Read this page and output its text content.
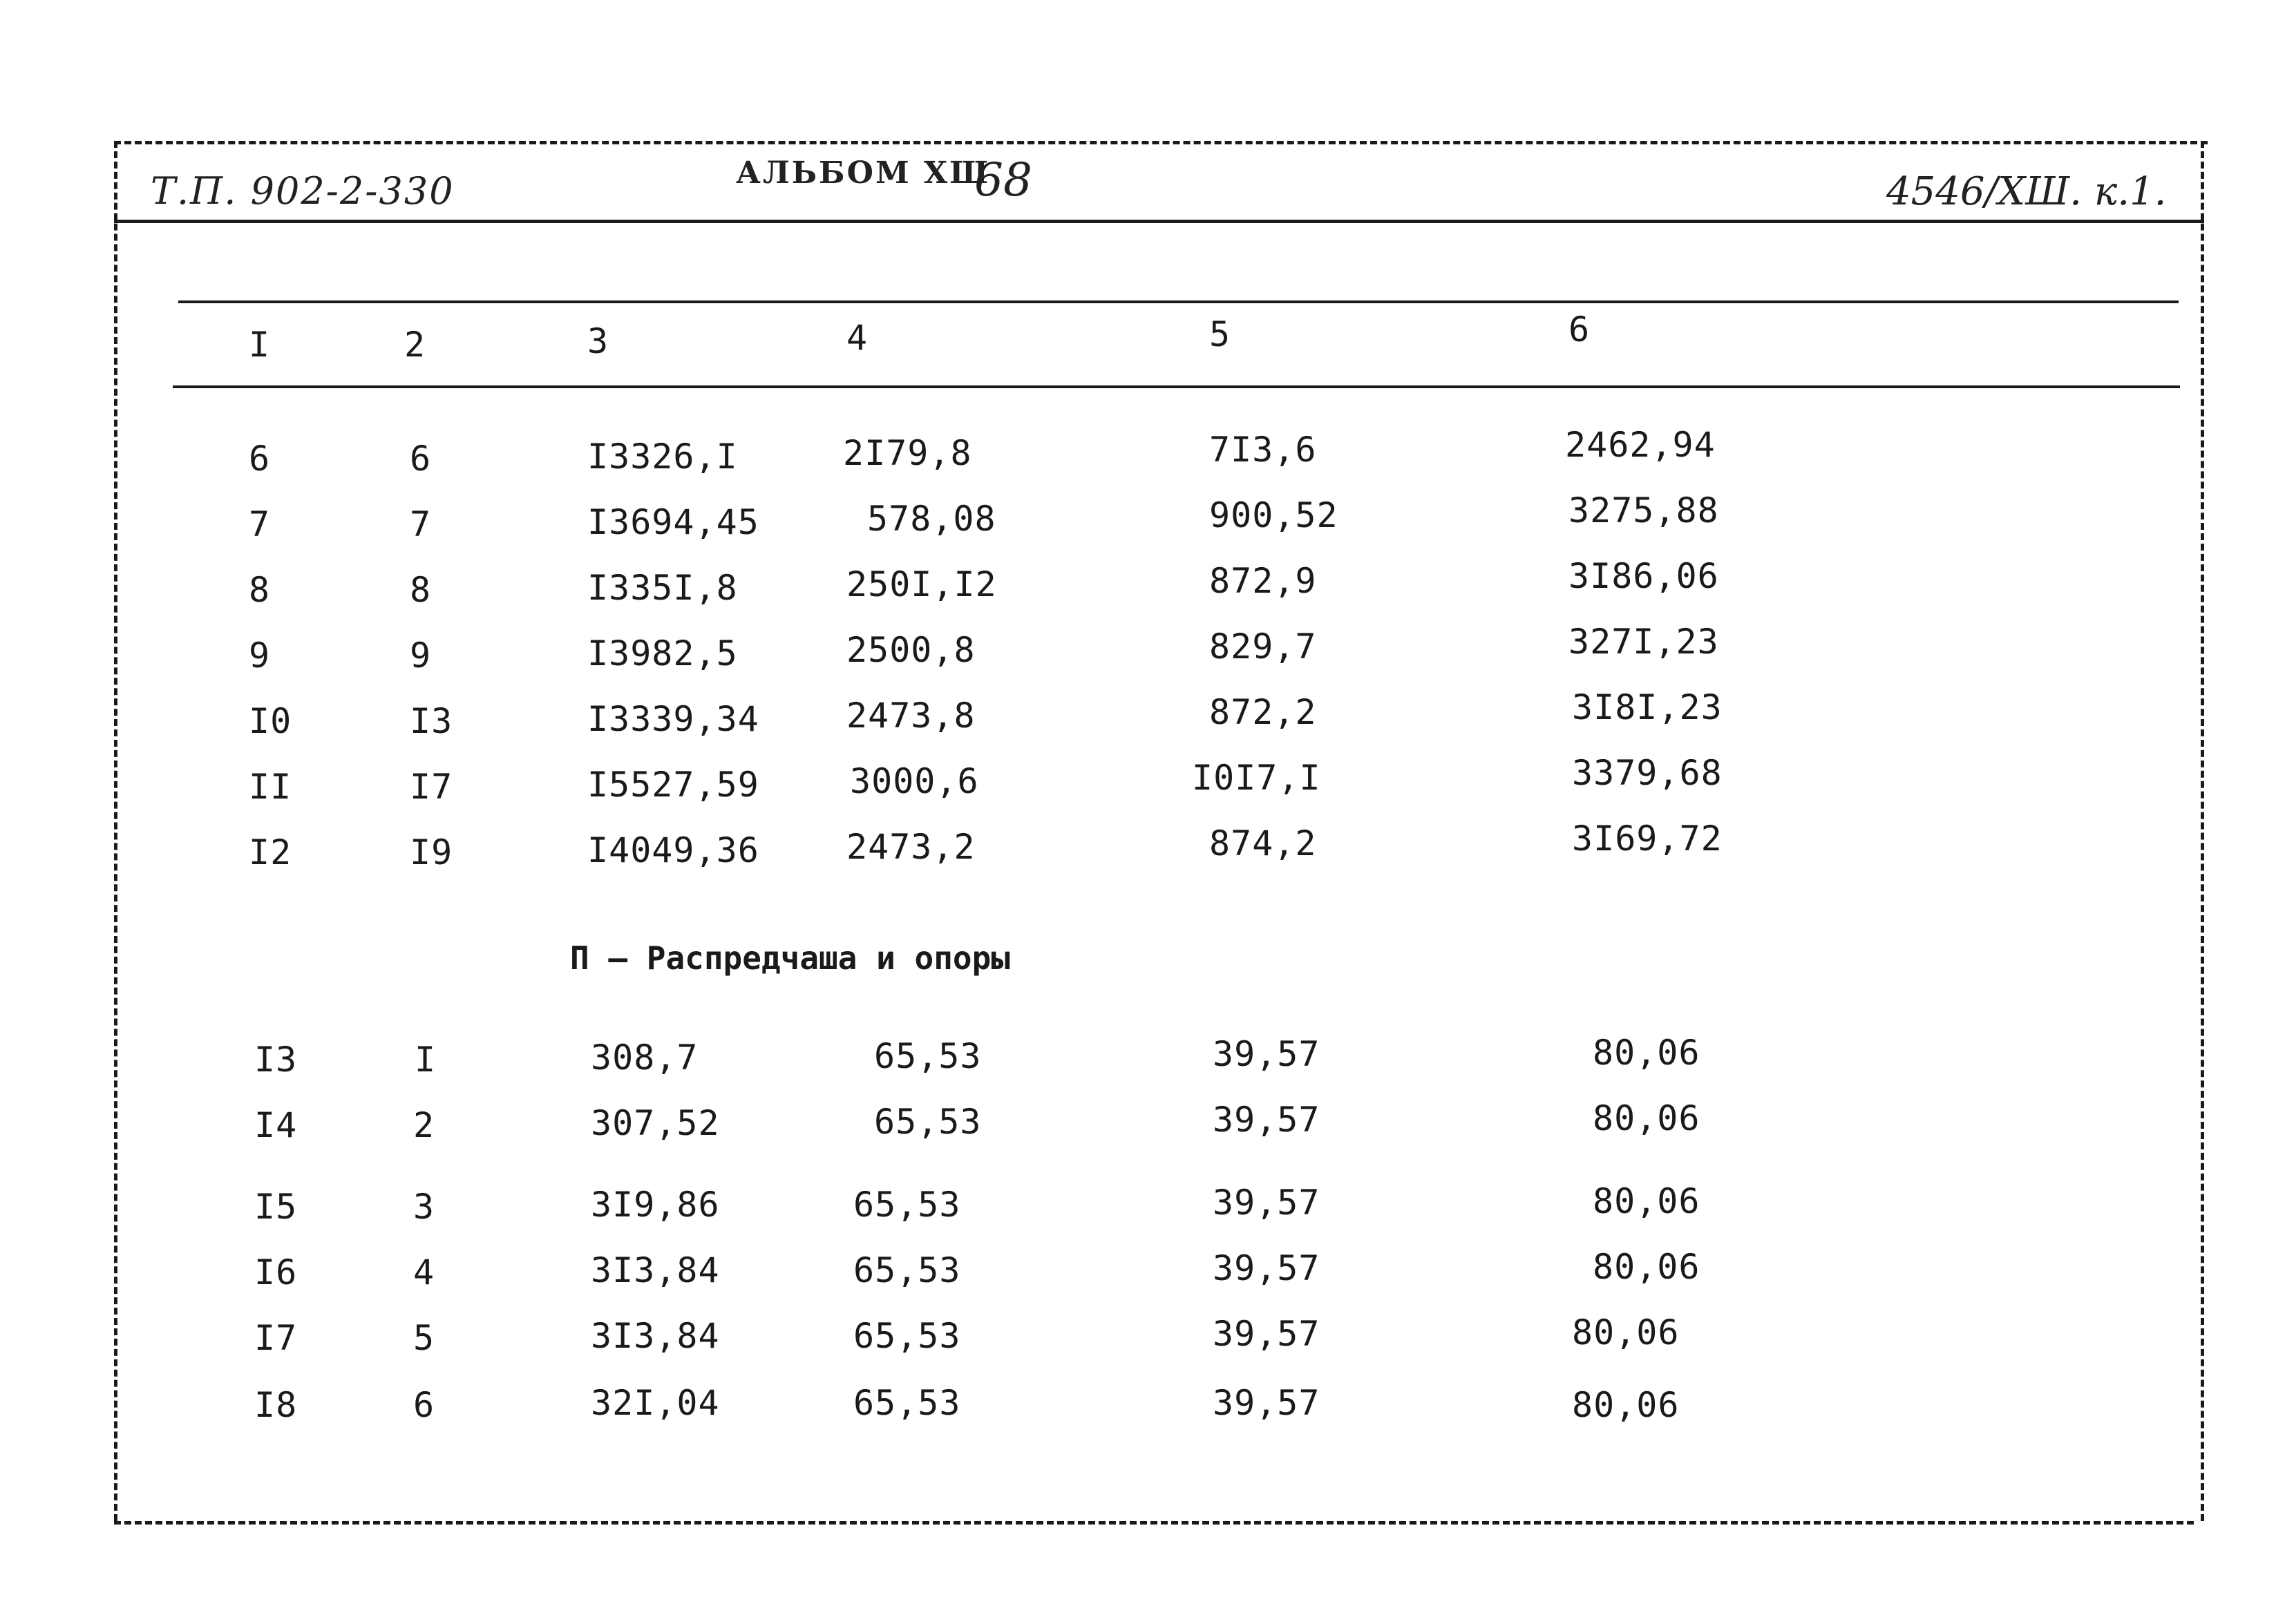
Т.П. 902-2-330	АЛЬБОМ XШ
68	4546/ХШ. к.1.
I	2	3	4	5	6
6	6	I3326,I	2I79,8	7I3,6	2462,94
7	7	I3694,45	578,08	900,52	3275,88
8	8	I335I,8	250I,I2	872,9	3I86,06
9	9	I3982,5	2500,8	829,7	327I,23
I0	I3	I3339,34	2473,8	872,2	3I8I,23
II	I7	I5527,59	3000,6	I0I7,I	3379,68
I2	I9	I4049,36	2473,2	874,2	3I69,72
П – Распредчаша и опоры
I3	I	308,7	65,53	39,57	80,06
I4	2	307,52	65,53	39,57	80,06
I5	3	3I9,86	65,53	39,57	80,06
I6	4	3I3,84	65,53	39,57	80,06
I7	5	3I3,84	65,53	39,57	80,06
I8	6	32I,04	65,53	39,57	80,06
